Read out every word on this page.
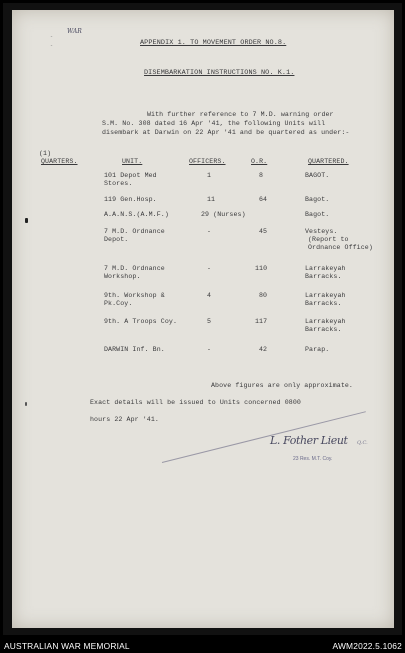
WAR
-
-	APPENDIX 1. TO MOVEMENT ORDER NO.8.
DISEMBARKATION INSTRUCTIONS NO. K.1.
With further reference to 7 M.D. warning order
S.M. No. 308 dated 16 Apr '41, the following Units will
disembark at Darwin on 22 Apr '41 and be quartered as under:-
(1)
QUARTERS.	UNIT.	OFFICERS.	O.R.	QUARTERED.
101 Depot Med
Stores.
1	8	BAGOT.
119 Gen.Hosp.	11	64	Bagot.
A.A.N.S.(A.M.F.)	29 (Nurses)	Bagot.
7 M.D. Ordnance
Depot.
-	45	Vesteys.
(Report to
Ordnance Office)
7 M.D. Ordnance
Workshop.
-	110	Larrakeyah
Barracks.
9th. Workshop &
Pk.Coy.
4	80	Larrakeyah
Barracks.
9th. A Troops Coy.	5	117	Larrakeyah
Barracks.
DARWIN Inf. Bn.	-	42	Parap.
Above figures are only approximate.
Exact details will be issued to Units concerned 0800
hours 22 Apr '41.
L. Fother Lieut Q.C.
23 Res. M.T. Coy.
AUSTRALIAN WAR MEMORIAL	AWM2022.5.1062
